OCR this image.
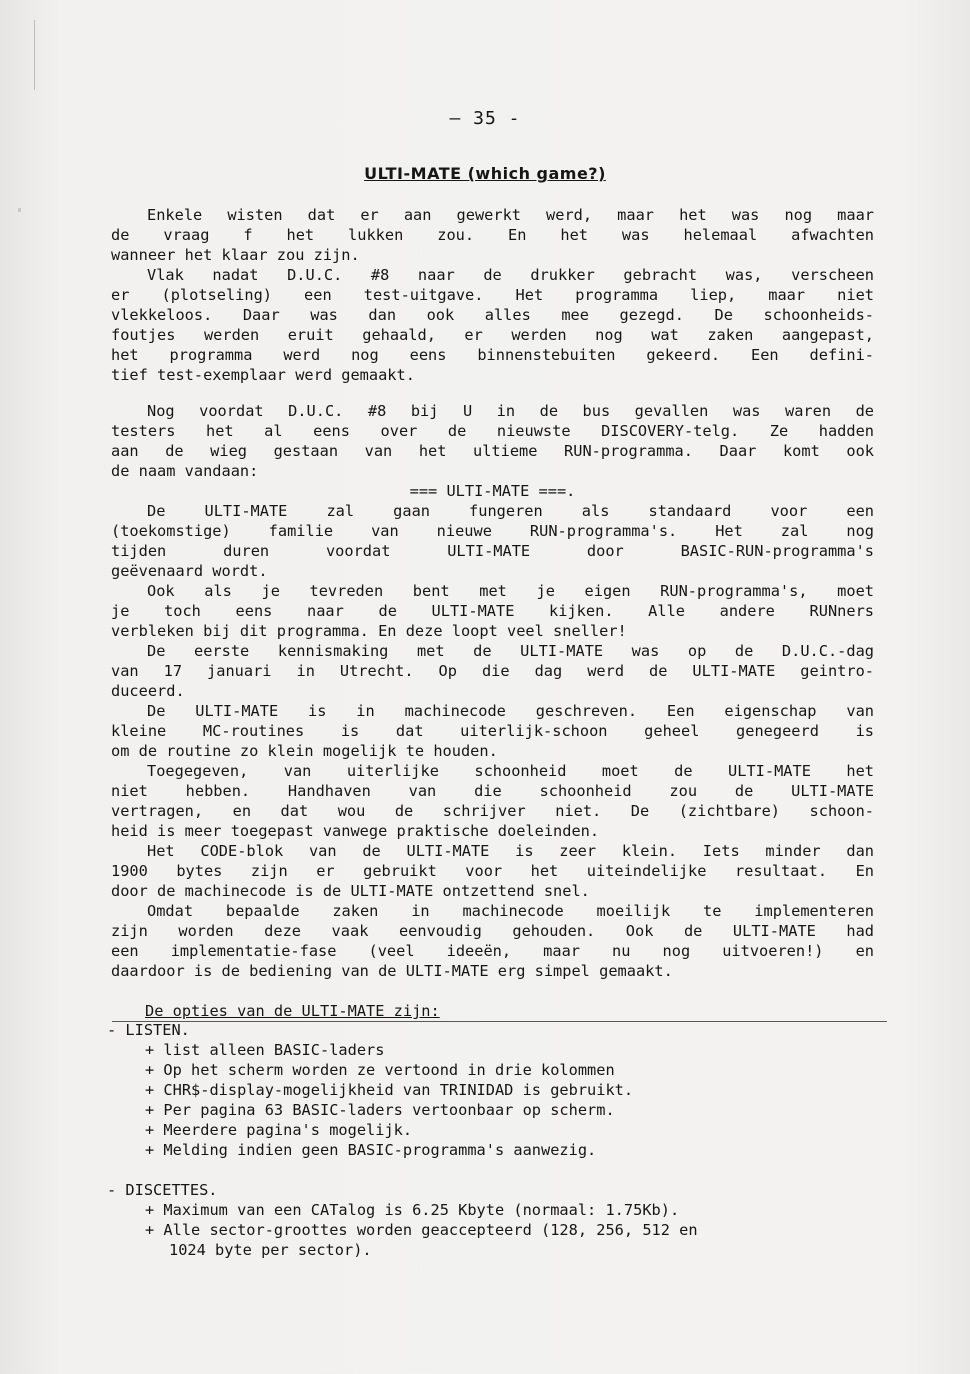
— 35 -
ULTI-MATE (which game?)
Enkele wisten dat er aan gewerkt werd, maar het was nog maar
de vraag f het lukken zou. En het was helemaal afwachten
wanneer het klaar zou zijn.
Vlak nadat D.U.C. #8 naar de drukker gebracht was, verscheen
er (plotseling) een test-uitgave. Het programma liep, maar niet
vlekkeloos. Daar was dan ook alles mee gezegd. De schoonheids-
foutjes werden eruit gehaald, er werden nog wat zaken aangepast,
het programma werd nog eens binnenstebuiten gekeerd. Een defini-
tief test-exemplaar werd gemaakt.
Nog voordat D.U.C. #8 bij U in de bus gevallen was waren de
testers het al eens over de nieuwste DISCOVERY-telg. Ze hadden
aan de wieg gestaan van het ultieme RUN-programma. Daar komt ook
de naam vandaan:
=== ULTI-MATE ===.
De ULTI-MATE zal gaan fungeren als standaard voor een
(toekomstige) familie van nieuwe RUN-programma's. Het zal nog
tijden duren voordat ULTI-MATE door BASIC-RUN-programma's
geëvenaard wordt.
Ook als je tevreden bent met je eigen RUN-programma's, moet
je toch eens naar de ULTI-MATE kijken. Alle andere RUNners
verbleken bij dit programma. En deze loopt veel sneller!
De eerste kennismaking met de ULTI-MATE was op de D.U.C.-dag
van 17 januari in Utrecht. Op die dag werd de ULTI-MATE geintro-
duceerd.
De ULTI-MATE is in machinecode geschreven. Een eigenschap van
kleine MC-routines is dat uiterlijk-schoon geheel genegeerd is
om de routine zo klein mogelijk te houden.
Toegegeven, van uiterlijke schoonheid moet de ULTI-MATE het
niet hebben. Handhaven van die schoonheid zou de ULTI-MATE
vertragen, en dat wou de schrijver niet. De (zichtbare) schoon-
heid is meer toegepast vanwege praktische doeleinden.
Het CODE-blok van de ULTI-MATE is zeer klein. Iets minder dan
1900 bytes zijn er gebruikt voor het uiteindelijke resultaat. En
door de machinecode is de ULTI-MATE ontzettend snel.
Omdat bepaalde zaken in machinecode moeilijk te implementeren
zijn worden deze vaak eenvoudig gehouden. Ook de ULTI-MATE had
een implementatie-fase (veel ideeën, maar nu nog uitvoeren!) en
daardoor is de bediening van de ULTI-MATE erg simpel gemaakt.
De opties van de ULTI-MATE zijn:
- LISTEN.
+ list alleen BASIC-laders
+ Op het scherm worden ze vertoond in drie kolommen
+ CHR$-display-mogelijkheid van TRINIDAD is gebruikt.
+ Per pagina 63 BASIC-laders vertoonbaar op scherm.
+ Meerdere pagina's mogelijk.
+ Melding indien geen BASIC-programma's aanwezig.
- DISCETTES.
+ Maximum van een CATalog is 6.25 Kbyte (normaal: 1.75Kb).
+ Alle sector-groottes worden geaccepteerd (128, 256, 512 en
1024 byte per sector).
